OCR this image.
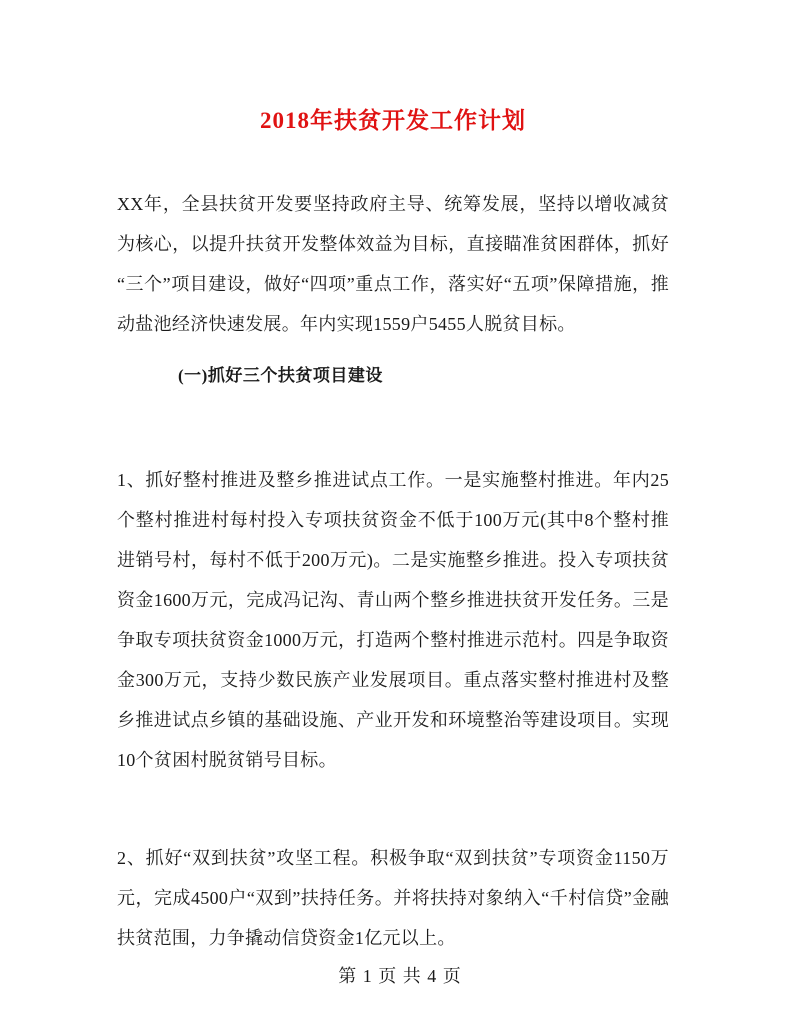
2018年扶贫开发工作计划

XX年，全县扶贫开发要坚持政府主导、统筹发展，坚持以增收减贫为核心，以提升扶贫开发整体效益为目标，直接瞄准贫困群体，抓好“三个”项目建设，做好“四项”重点工作，落实好“五项”保障措施，推动盐池经济快速发展。年内实现1559户5455人脱贫目标。

(一)抓好三个扶贫项目建设

1、抓好整村推进及整乡推进试点工作。一是实施整村推进。年内25个整村推进村每村投入专项扶贫资金不低于100万元(其中8个整村推进销号村，每村不低于200万元)。二是实施整乡推进。投入专项扶贫资金1600万元，完成冯记沟、青山两个整乡推进扶贫开发任务。三是争取专项扶贫资金1000万元，打造两个整村推进示范村。四是争取资金300万元，支持少数民族产业发展项目。重点落实整村推进村及整乡推进试点乡镇的基础设施、产业开发和环境整治等建设项目。实现10个贫困村脱贫销号目标。

2、抓好“双到扶贫”攻坚工程。积极争取“双到扶贫”专项资金1150万元，完成4500户“双到”扶持任务。并将扶持对象纳入“千村信贷”金融扶贫范围，力争撬动信贷资金1亿元以上。

第 1 页 共 4 页
